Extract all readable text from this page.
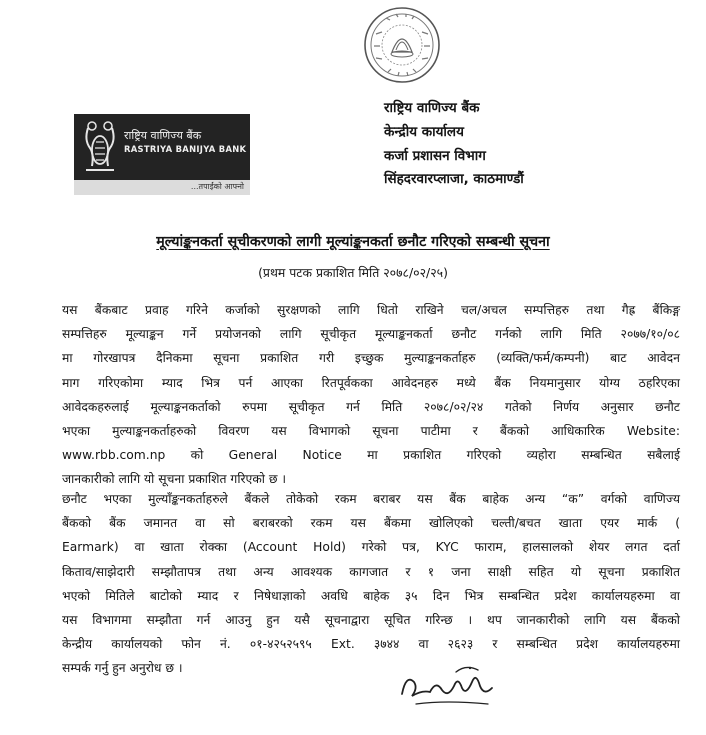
राष्ट्रिय वाणिज्य बैंक
RASTRIYA BANIJYA BANK
...तपाईंको आफ्नो
राष्ट्रिय वाणिज्य बैंक
केन्द्रीय कार्यालय
कर्जा प्रशासन विभाग
सिंहदरवारप्लाजा, काठमाण्डौं
मूल्यांङ्कनकर्ता सूचीकरणको लागी मूल्यांङ्कनकर्ता छनौट गरिएको सम्बन्धी सूचना
(प्रथम पटक प्रकाशित मिति २०७८/०२/२५)
यस बैंकबाट प्रवाह गरिने कर्जाको सुरक्षणको लागि धितो राखिने चल/अचल सम्पत्तिहरु तथा गैह्र बैंकिङ्ग
सम्पत्तिहरु मूल्याङ्कन गर्ने प्रयोजनको लागि सूचीकृत मूल्याङ्कनकर्ता छनौट गर्नको लागि मिति २०७७/१०/०८
मा गोरखापत्र दैनिकमा सूचना प्रकाशित गरी इच्छुक मुल्याङ्कनकर्ताहरु (व्यक्ति/फर्म/कम्पनी) बाट आवेदन
माग गरिएकोमा म्याद भित्र पर्न आएका रितपूर्वकका आवेदनहरु मध्ये बैंक नियमानुसार योग्य ठहरिएका
आवेदकहरुलाई मूल्याङ्कनकर्ताको रुपमा सूचीकृत गर्न मिति २०७८/०२/२४ गतेको निर्णय अनुसार छनौट
भएका मुल्याङ्कनकर्ताहरुको विवरण यस विभागको सूचना पाटीमा र बैंकको आधिकारिक Website:
www.rbb.com.np को General Notice मा प्रकाशित गरिएको व्यहोरा सम्बन्धित सबैलाई
जानकारीको लागि यो सूचना प्रकाशित गरिएको छ ।
छनौट भएका मुल्याँङ्कनकर्ताहरुले बैंकले तोकेको रकम बराबर यस बैंक बाहेक अन्य “क” वर्गको वाणिज्य
बैंकको बैंक जमानत वा सो बराबरको रकम यस बैंकमा खोलिएको चल्ती/बचत खाता एयर मार्क (
Earmark) वा खाता रोक्का (Account Hold) गरेको पत्र, KYC फाराम, हालसालको शेयर लगत दर्ता
किताव/साझेदारी सम्झौतापत्र तथा अन्य आवश्यक कागजात र १ जना साक्षी सहित यो सूचना प्रकाशित
भएको मितिले बाटोको म्याद र निषेधाज्ञाको अवधि बाहेक ३५ दिन भित्र सम्बन्धित प्रदेश कार्यालयहरुमा वा
यस विभागमा सम्झौता गर्न आउनु हुन यसै सूचनाद्वारा सूचित गरिन्छ । थप जानकारीको लागि यस बैंकको
केन्द्रीय कार्यालयको फोन नं. ०१-४२५२५९५ Ext. ३७४४ वा २६२३ र सम्बन्धित प्रदेश कार्यालयहरुमा
सम्पर्क गर्नु हुन अनुरोध छ ।
